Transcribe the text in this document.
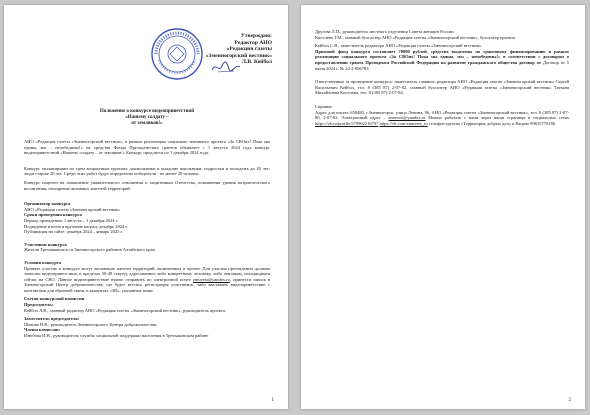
Утверждаю:
Редактор АНО
«Редакция газеты
«Змеиногорский вестник»
Л.В. Кейбол
Положение о конкурсе видеоприветствий
«Нашему солдату –
от земляков!»

АНО «Редакция газеты «Змеиногорский вестник», в рамках реализации социально значимого проекта «За СВОих! Пока мы едины, мы – непобедимы!» на средства Фонда Президентских грантов объявляет с 1 августа 2024 года конкурс видеоприветствий «Нашему солдату – от земляков!» Конкурс продлится по 1 декабря 2024 года.

Конкурс запланирован по трем возрастным группам: дошкольники и младшие школьники; подростки и молодежь до 20 лет; люди старше 20 лет. Среди этих работ будут определены победители - не менее 20 человек.

Конкурс нацелен на повышение уважительного отношения к защитникам Отечества, повышения уровня патриотического воспитания, поощрение активных жителей территорий.

Организатор конкурса

АНО «Редакция газеты «Змеиногорский вестник»

Сроки проведения конкурса

Период проведения: 1 августа – 1 декабря 2024 г.

Подведение итогов и вручение наград: декабрь 2024 г.

Публикация на сайте: декабрь 2024 – январь 2025 г.

Участники конкурса

Жители Третьяковского и Змеиногорского районов Алтайского края.

Условия конкурса

Принять участие в конкурсе могут желающие жители территорий, включенных в проект. Для участия претенденты должны записать видеоприветствие, в пределах 30-40 секунд, адресованное либо конкретному человеку, либо землякам, находящимся сейчас на СВО. Данное видеоприветствие нужно отправить по электронной почте zmuvest@yandex.ru, принести запись в Змеиногорский Центр добровольчества, где будет вестись регистрация участников, либо выставить видеоприветствие с контактами для обратной связи, в аккаунтах «ЗВ», указанных ниже.

Состав конкурсной комиссии

Председатель:

Кейбол Л.В., главный редактор АНО «Редакция газеты «Змеиногорский вестник», руководитель проекта.

Заместитель председателя:

Шакова Н.В., руководитель Змеиногорского Центра добровольчества.

Члены комиссии:

Изюбова И.Н., руководитель службы социальной поддержки населения в Третьяковском районе

1

Другова Л.П., руководитель местного отделения Совета женщин России

Киселева Т.М., главный бухгалтер АНО «Редакция газеты «Змеиногорский вестник», бухгалтер проекта.

Кейбол С.В., заместитель редактора АНО «Редакция газеты «Змеиногорский вестник».

Призовой фонд конкурса составляет 70000 рублей, средства выделены по грантовому финансированию в рамках реализации социального проекта «За СВОих! Пока мы едины, мы – непобедимы!» в соответствии с договором о предоставлении гранта Президента Российской Федерации на развитие гражданского общества договор от Договор от 5 июля 2024 г. № 24-2-006783

Ответственные за проведение конкурса: заместитель главного редактора АНО «Редакция газеты «Змеиногорский вестник» Сергей Васильевич Кейбол, тел. 8 (385 87) 2-07-82, главный бухгалтер АНО «Редакция газеты «Змеиногорский вестник» Татьяна Михайловна Киселева, тел. 8 (385 87) 2-07-84.

Справки:

Адрес для писем: 658480, г.Змеиногорск, улица Ленина, 96, АНО «Редакция газеты «Змеиногорский вестник», тел. 8 (385 87) 2-07-80, 2-07-82. Электронный адрес – zmuvest@yandex.ru Можно работать с нами через наши страницы в социальных сетях https://vk.ru/profile/579962216707 https://vk.com/zmuvest_ru телефон группы «Территория добрых дел» в Вацапе 89635770186

2
